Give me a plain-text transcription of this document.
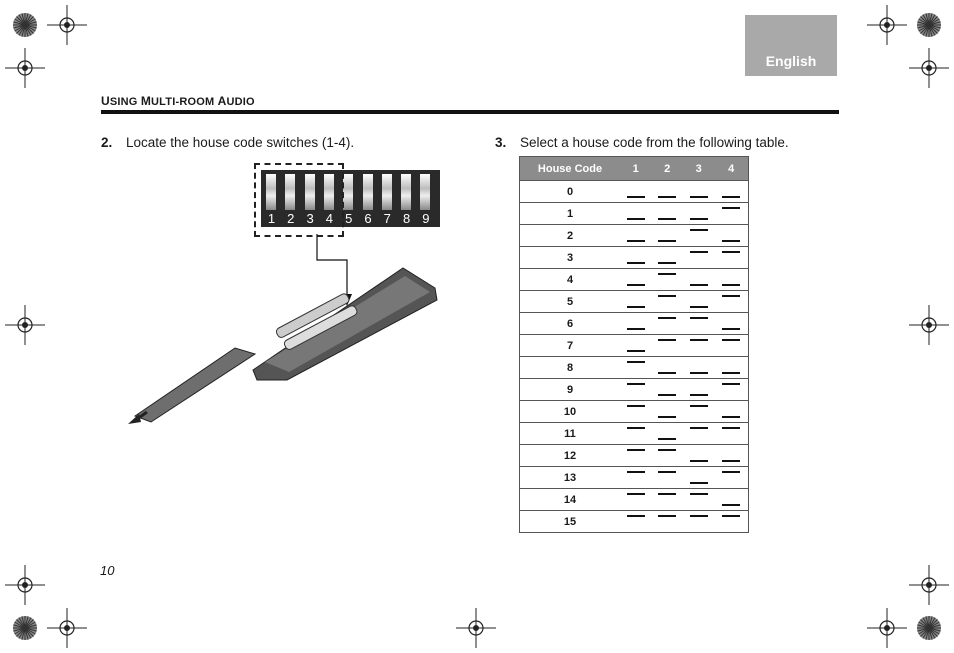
English
USING MULTI-ROOM AUDIO
2. Locate the house code switches (1-4).	3. Select a house code from the following table.
1 2 3 4 5 6 7 8 9
House Code	1	2	3	4
0	

1	

2	

3	

4	

5	

6	

7	

8	

9	

10	

11	

12	

13	

14	

15	

10
